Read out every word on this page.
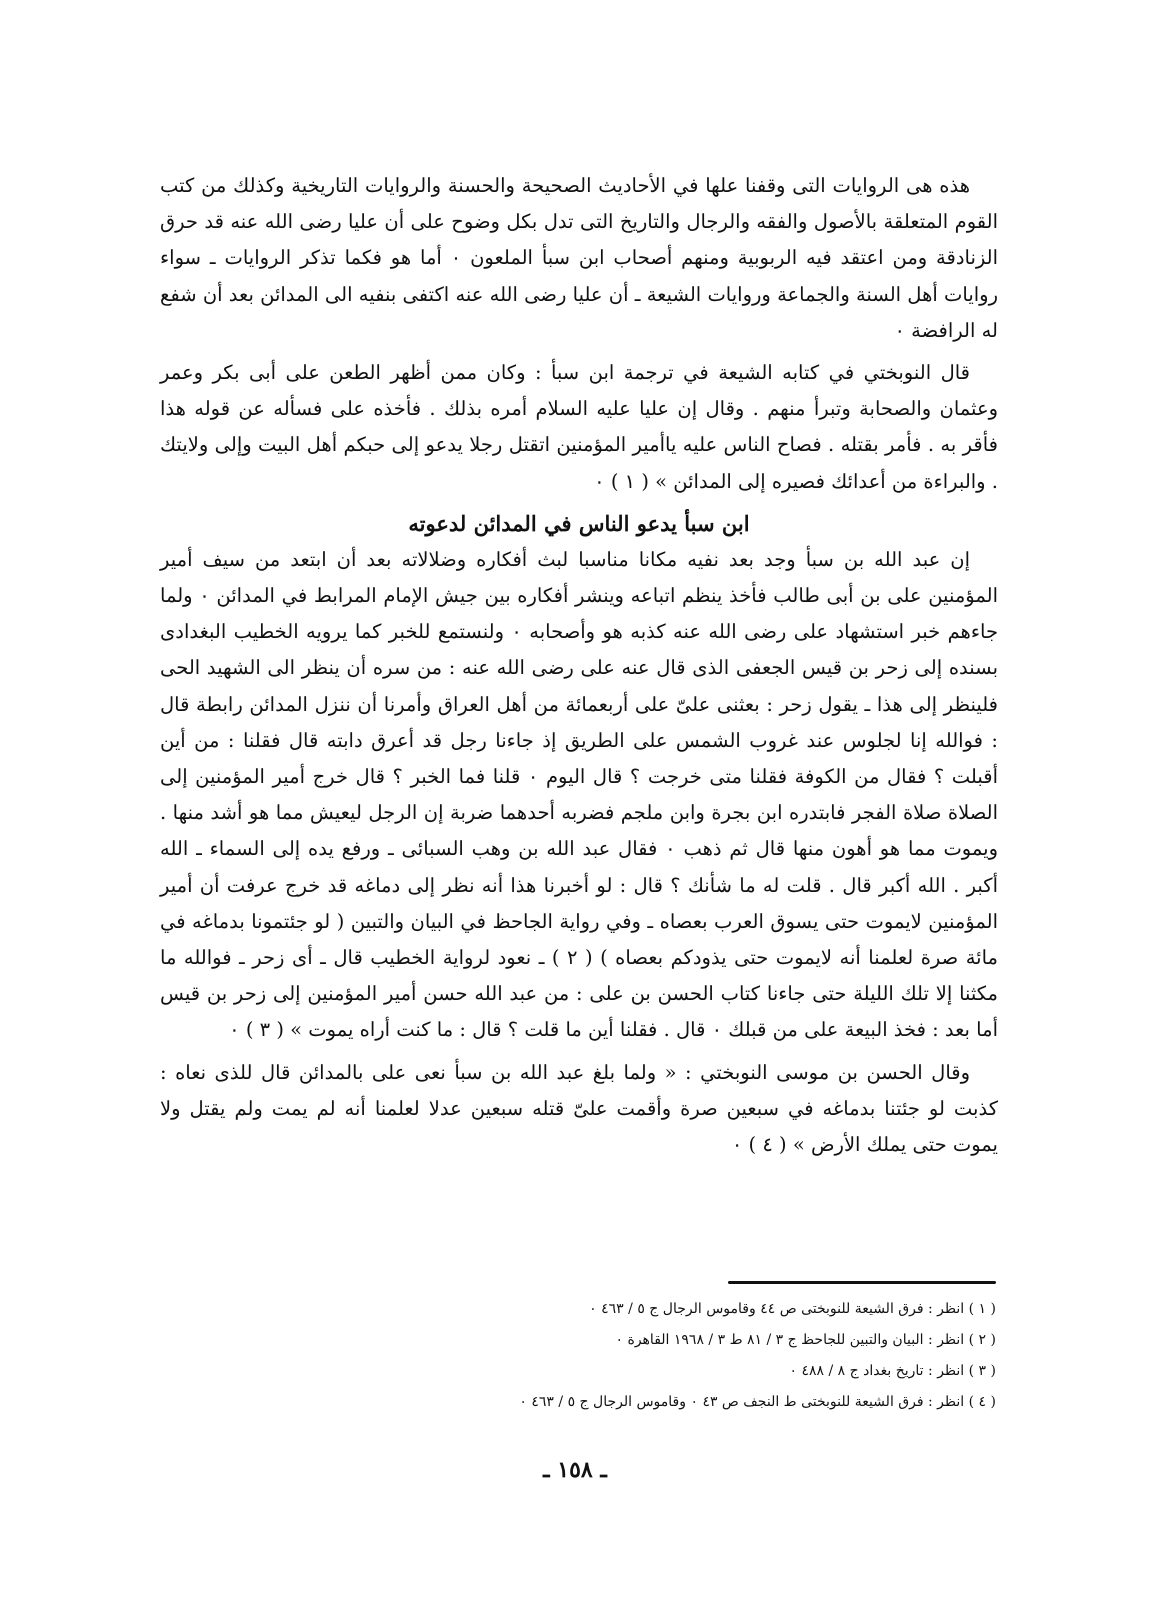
هذه هى الروايات التى وقفنا علها في الأحاديث الصحيحة والحسنة والروايات التاريخية وكذلك من كتب القوم المتعلقة بالأصول والفقه والرجال والتاريخ التى تدل بكل وضوح على أن عليا رضى الله عنه قد حرق الزنادقة ومن اعتقد فيه الربوبية ومنهم أصحاب ابن سبأ الملعون ٠ أما هو فكما تذكر الروايات ـ سواء روايات أهل السنة والجماعة وروايات الشيعة ـ أن عليا رضى الله عنه اكتفى بنفيه الى المدائن بعد أن شفع له الرافضة ٠

قال النوبختي في كتابه الشيعة في ترجمة ابن سبأ : وكان ممن أظهر الطعن على أبى بكر وعمر وعثمان والصحابة وتبرأ منهم . وقال إن عليا عليه السلام أمره بذلك . فأخذه على فسأله عن قوله هذا فأقر به . فأمر بقتله . فصاح الناس عليه ياأمير المؤمنين اتقتل رجلا يدعو إلى حبكم أهل البيت وإلى ولايتك . والبراءة من أعدائك فصيره إلى المدائن » ( ١ ) ٠

ابن سبأ يدعو الناس في المدائن لدعوته

إن عبد الله بن سبأ وجد بعد نفيه مكانا مناسبا لبث أفكاره وضلالاته بعد أن ابتعد من سيف أمير المؤمنين على بن أبى طالب فأخذ ينظم اتباعه وينشر أفكاره بين جيش الإمام المرابط في المدائن ٠ ولما جاءهم خبر استشهاد على رضى الله عنه كذبه هو وأصحابه ٠ ولنستمع للخبر كما يرويه الخطيب البغدادى بسنده إلى زحر بن قيس الجعفى الذى قال عنه على رضى الله عنه : من سره أن ينظر الى الشهيد الحى فلينظر إلى هذا ـ يقول زحر : بعثنى علىّ على أربعمائة من أهل العراق وأمرنا أن ننزل المدائن رابطة قال : فوالله إنا لجلوس عند غروب الشمس على الطريق إذ جاءنا رجل قد أعرق دابته قال فقلنا : من أين أقبلت ؟ فقال من الكوفة فقلنا متى خرجت ؟ قال اليوم ٠ قلنا فما الخبر ؟ قال خرج أمير المؤمنين إلى الصلاة صلاة الفجر فابتدره ابن بجرة وابن ملجم فضربه أحدهما ضربة إن الرجل ليعيش مما هو أشد منها . ويموت مما هو أهون منها قال ثم ذهب ٠ فقال عبد الله بن وهب السبائى ـ ورفع يده إلى السماء ـ الله أكبر . الله أكبر قال . قلت له ما شأنك ؟ قال : لو أخبرنا هذا أنه نظر إلى دماغه قد خرج عرفت أن أمير المؤمنين لايموت حتى يسوق العرب بعصاه ـ وفي رواية الجاحظ في البيان والتبين ( لو جئتمونا بدماغه في مائة صرة لعلمنا أنه لايموت حتى يذودكم بعصاه ) ( ٢ ) ـ نعود لرواية الخطيب قال ـ أى زحر ـ فوالله ما مكثنا إلا تلك الليلة حتى جاءنا كتاب الحسن بن على : من عبد الله حسن أمير المؤمنين إلى زحر بن قيس أما بعد : فخذ البيعة على من قبلك ٠ قال . فقلنا أين ما قلت ؟ قال : ما كنت أراه يموت » ( ٣ ) ٠

وقال الحسن بن موسى النوبختي : « ولما بلغ عبد الله بن سبأ نعى على بالمدائن قال للذى نعاه : كذبت لو جئتنا بدماغه في سبعين صرة وأقمت علىّ قتله سبعين عدلا لعلمنا أنه لم يمت ولم يقتل ولا يموت حتى يملك الأرض » ( ٤ ) ٠

( ١ ) انظر : فرق الشيعة للنوبختى ص ٤٤ وقاموس الرجال ج ٥ / ٤٦٣ ٠

( ٢ ) انظر : البيان والتبين للجاحظ ج ٣ / ٨١ ط ٣ / ١٩٦٨ القاهرة ٠

( ٣ ) انظر : تاريخ بغداد ج ٨ / ٤٨٨ ٠

( ٤ ) انظر : فرق الشيعة للنوبختى ط النجف ص ٤٣ ٠ وقاموس الرجال ج ٥ / ٤٦٣ ٠

ـ ١٥٨ ـ
